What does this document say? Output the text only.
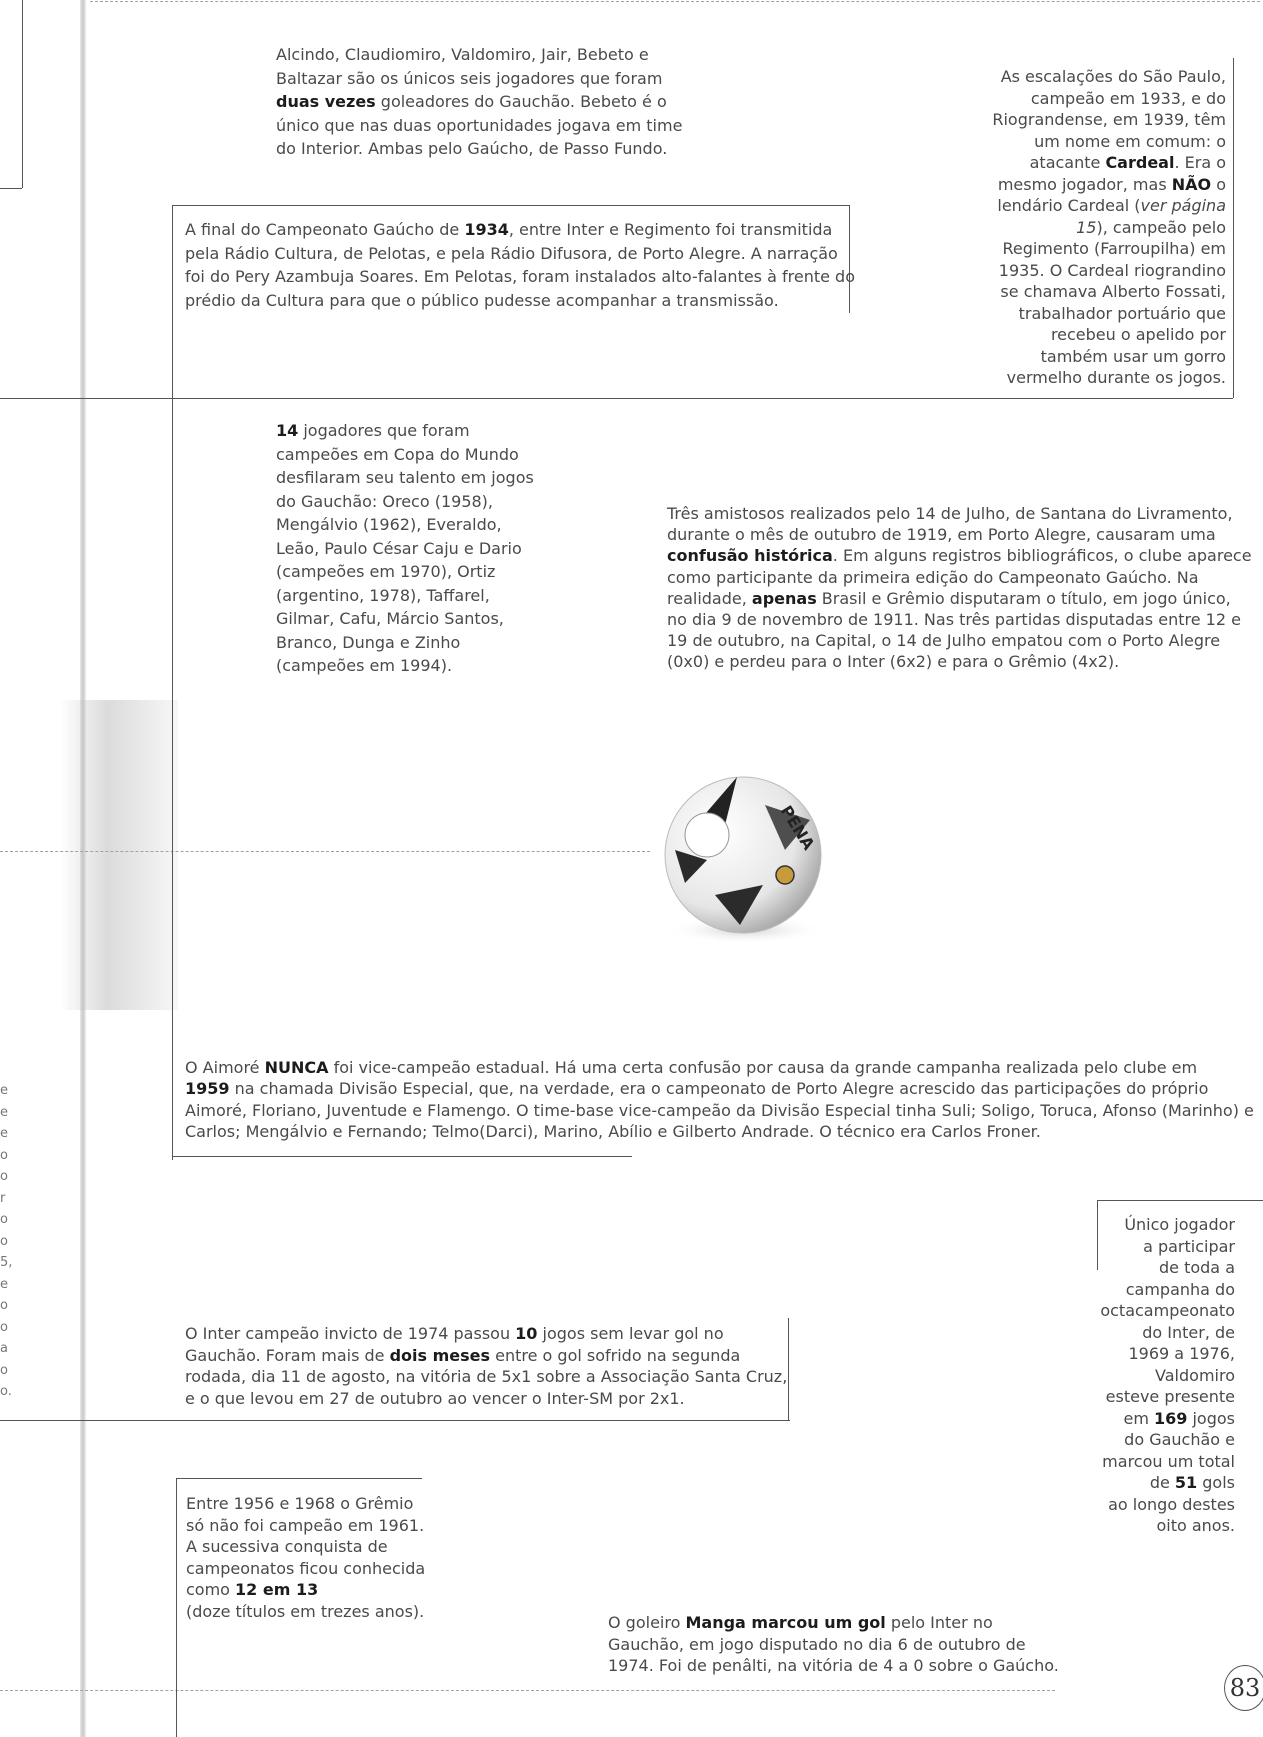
e
e
e
o
o
r
o
o
5,
e
o
o
a
o
o.
Alcindo, Claudiomiro, Valdomiro, Jair, Bebeto e
Baltazar são os únicos seis jogadores que foram
duas vezes goleadores do Gauchão. Bebeto é o
único que nas duas oportunidades jogava em time
do Interior. Ambas pelo Gaúcho, de Passo Fundo.
A final do Campeonato Gaúcho de 1934, entre Inter e Regimento foi transmitida
pela Rádio Cultura, de Pelotas, e pela Rádio Difusora, de Porto Alegre. A narração
foi do Pery Azambuja Soares. Em Pelotas, foram instalados alto-falantes à frente do
prédio da Cultura para que o público pudesse acompanhar a transmissão.
As escalações do São Paulo,
campeão em 1933, e do
Riograndense, em 1939, têm
um nome em comum: o
atacante Cardeal. Era o
mesmo jogador, mas NÃO o
lendário Cardeal (ver página
15), campeão pelo
Regimento (Farroupilha) em
1935. O Cardeal riograndino
se chamava Alberto Fossati,
trabalhador portuário que
recebeu o apelido por
também usar um gorro
vermelho durante os jogos.
14 jogadores que foram
campeões em Copa do Mundo
desfilaram seu talento em jogos
do Gauchão: Oreco (1958),
Mengálvio (1962), Everaldo,
Leão, Paulo César Caju e Dario
(campeões em 1970), Ortiz
(argentino, 1978), Taffarel,
Gilmar, Cafu, Márcio Santos,
Branco, Dunga e Zinho
(campeões em 1994).
Três amistosos realizados pelo 14 de Julho, de Santana do Livramento,
durante o mês de outubro de 1919, em Porto Alegre, causaram uma
confusão histórica. Em alguns registros bibliográficos, o clube aparece
como participante da primeira edição do Campeonato Gaúcho. Na
realidade, apenas Brasil e Grêmio disputaram o título, em jogo único,
no dia 9 de novembro de 1911. Nas três partidas disputadas entre 12 e
19 de outubro, na Capital, o 14 de Julho empatou com o Porto Alegre
(0x0) e perdeu para o Inter (6x2) e para o Grêmio (4x2).
PENA
O Aimoré NUNCA foi vice-campeão estadual. Há uma certa confusão por causa da grande campanha realizada pelo clube em
1959 na chamada Divisão Especial, que, na verdade, era o campeonato de Porto Alegre acrescido das participações do próprio
Aimoré, Floriano, Juventude e Flamengo. O time-base vice-campeão da Divisão Especial tinha Suli; Soligo, Toruca, Afonso (Marinho) e
Carlos; Mengálvio e Fernando; Telmo(Darci), Marino, Abílio e Gilberto Andrade. O técnico era Carlos Froner.
Único jogador
a participar
de toda a
campanha do
octacampeonato
do Inter, de
1969 a 1976,
Valdomiro
esteve presente
em 169 jogos
do Gauchão e
marcou um total
de 51 gols
ao longo destes
oito anos.
O Inter campeão invicto de 1974 passou 10 jogos sem levar gol no
Gauchão. Foram mais de dois meses entre o gol sofrido na segunda
rodada, dia 11 de agosto, na vitória de 5x1 sobre a Associação Santa Cruz,
e o que levou em 27 de outubro ao vencer o Inter-SM por 2x1.
Entre 1956 e 1968 o Grêmio
só não foi campeão em 1961.
A sucessiva conquista de
campeonatos ficou conhecida
como 12 em 13
(doze títulos em trezes anos).
O goleiro Manga marcou um gol pelo Inter no
Gauchão, em jogo disputado no dia 6 de outubro de
1974. Foi de penâlti, na vitória de 4 a 0 sobre o Gaúcho.
83
